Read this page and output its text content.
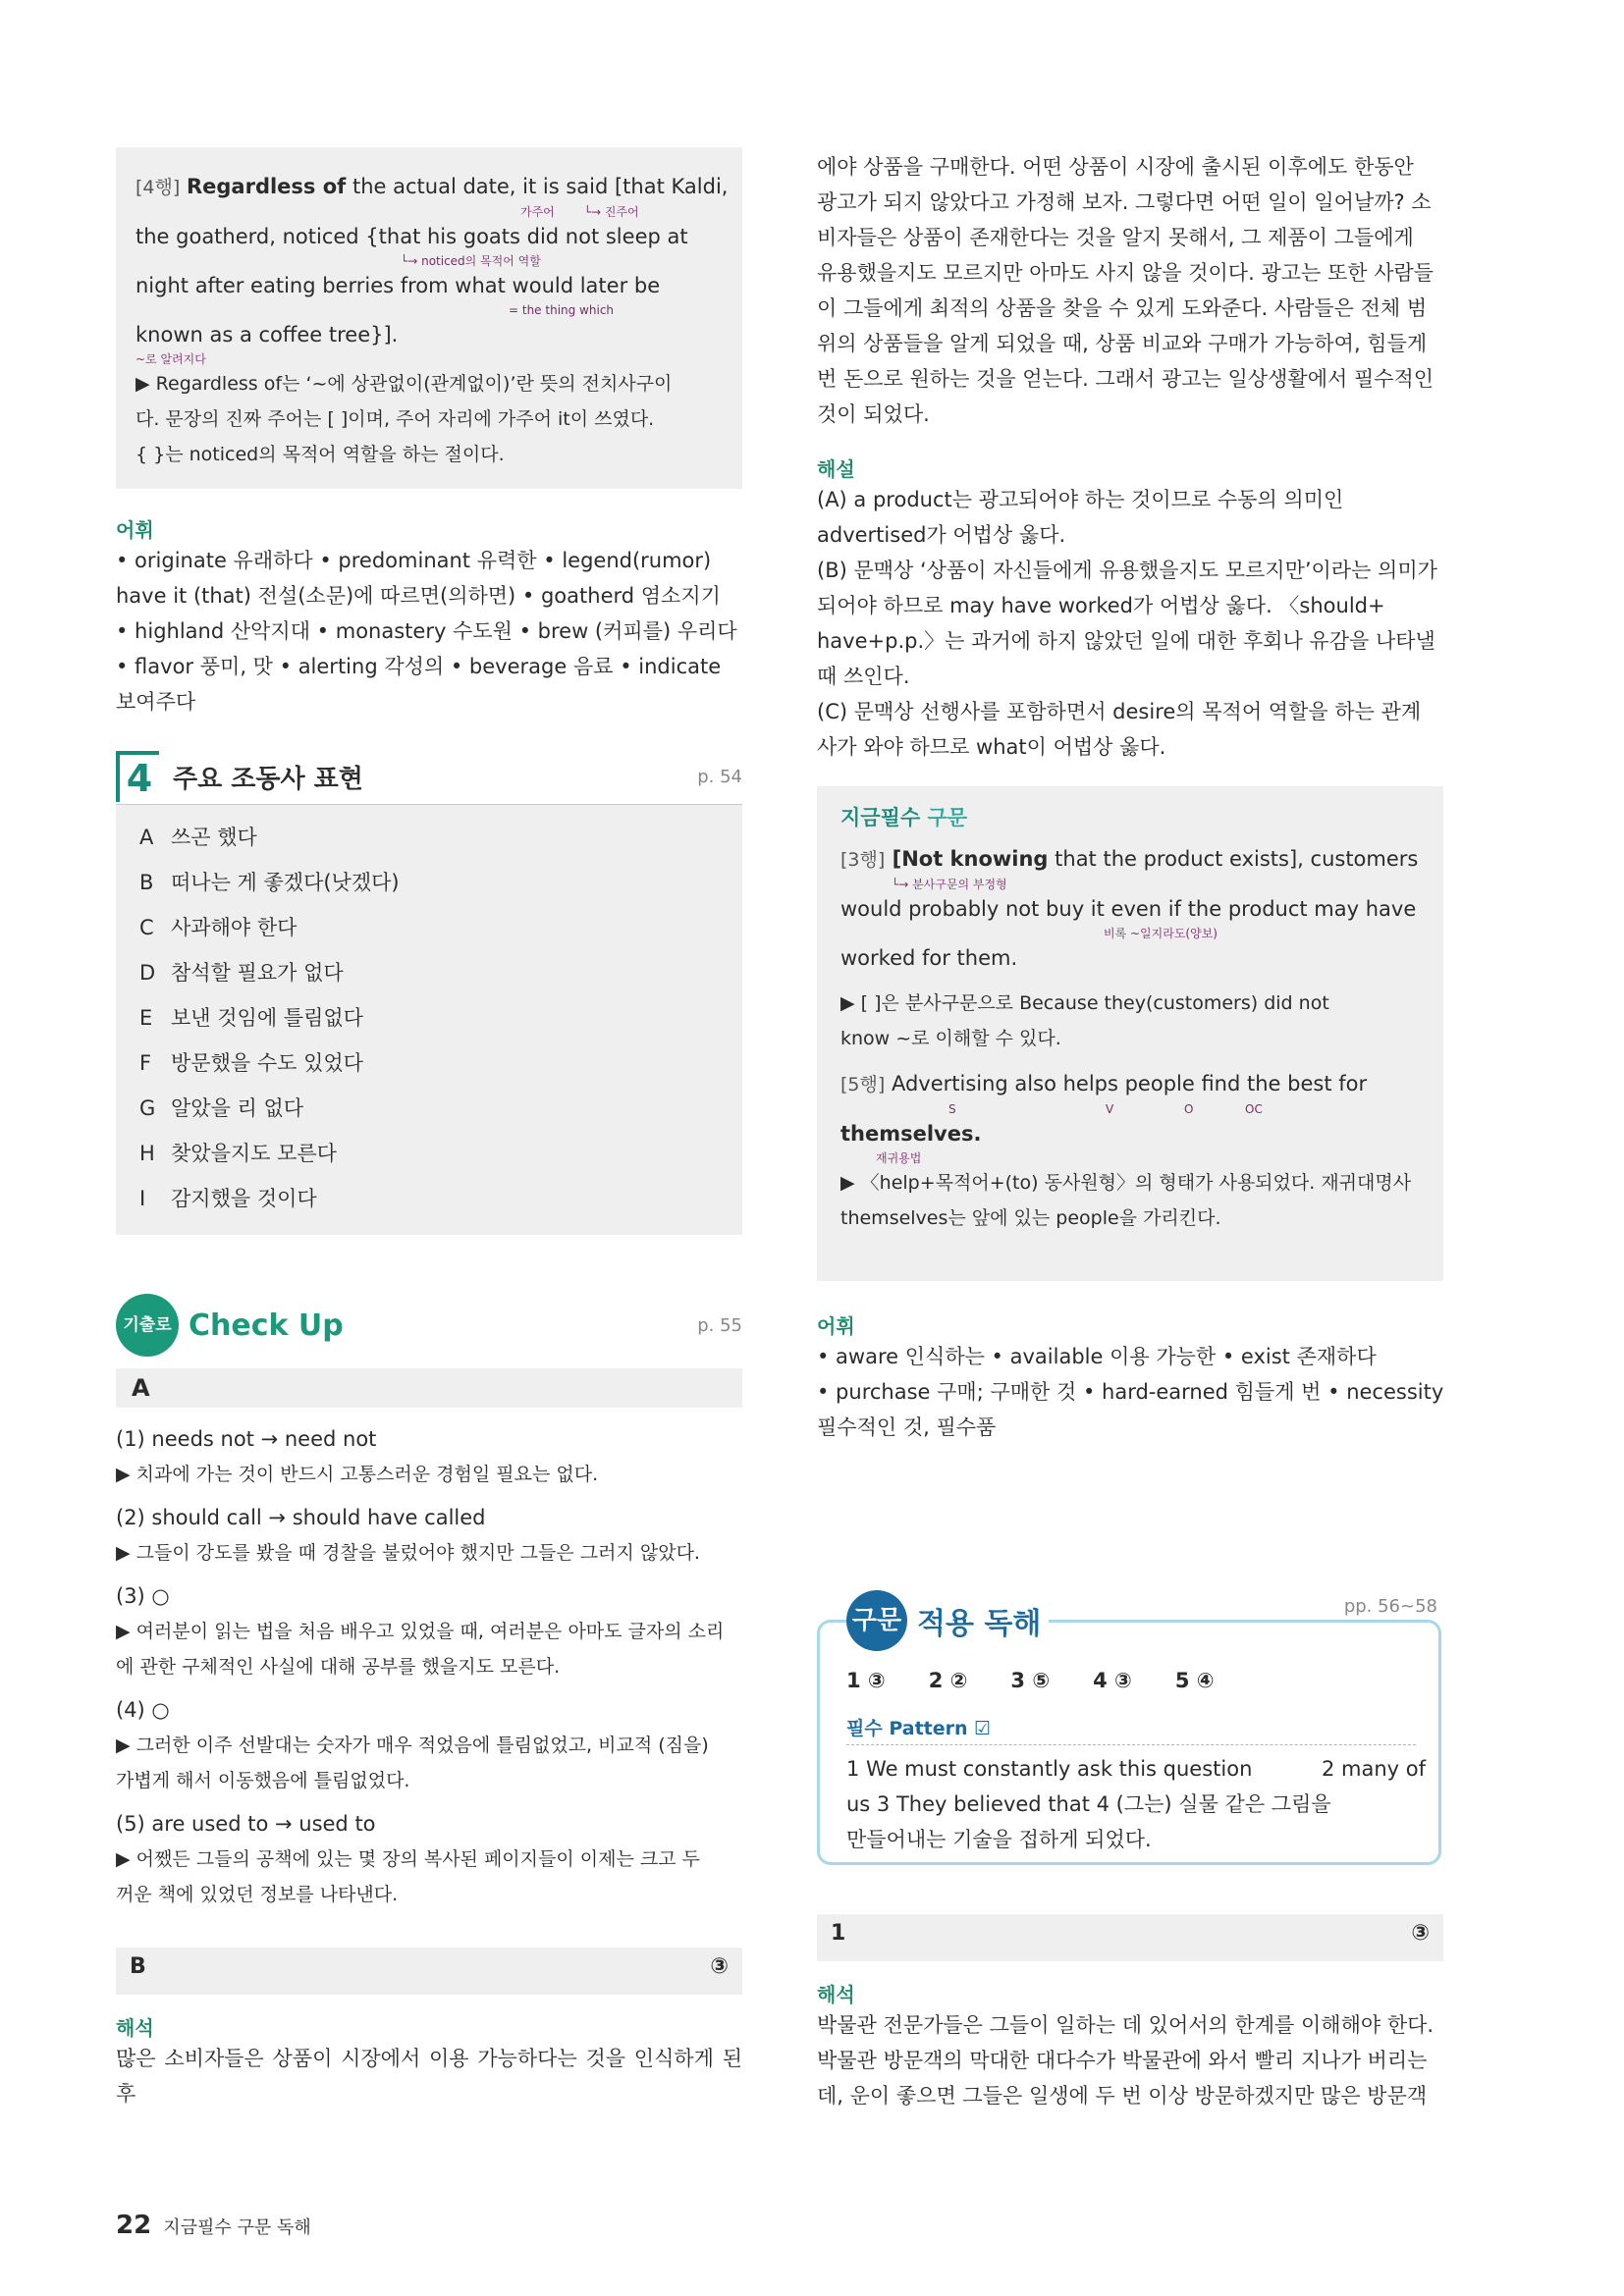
[4행] Regardless of the actual date, it is said [that Kaldi,
가주어	└→ 진주어
the goatherd, noticed {that his goats did not sleep at
└→ noticed의 목적어 역할
night after eating berries from what would later be
= the thing which
known as a coffee tree}].
~로 알려지다
▶ Regardless of는 ‘~에 상관없이(관계없이)’란 뜻의 전치사구이
다. 문장의 진짜 주어는 [ ]이며, 주어 자리에 가주어 it이 쓰였다.
{ }는 noticed의 목적어 역할을 하는 절이다.
어휘
• originate 유래하다 • predominant 유력한 • legend(rumor)
have it (that) 전설(소문)에 따르면(의하면) • goatherd 염소지기
• highland 산악지대 • monastery 수도원 • brew (커피를) 우리다
• flavor 풍미, 맛 • alerting 각성의 • beverage 음료 • indicate
보여주다
4 주요 조동사 표현	p. 54
A 쓰곤 했다
B 떠나는 게 좋겠다(낫겠다)
C 사과해야 한다
D 참석할 필요가 없다
E 보낸 것임에 틀림없다
F 방문했을 수도 있었다
G 알았을 리 없다
H 찾았을지도 모른다
I	감지했을 것이다
기출로 Check Up	p. 55
A
(1) needs not → need not
▶ 치과에 가는 것이 반드시 고통스러운 경험일 필요는 없다.
(2) should call → should have called
▶ 그들이 강도를 봤을 때 경찰을 불렀어야 했지만 그들은 그러지 않았다.
(3) ○
▶ 여러분이 읽는 법을 처음 배우고 있었을 때, 여러분은 아마도 글자의 소리
에 관한 구체적인 사실에 대해 공부를 했을지도 모른다.
(4) ○
▶ 그러한 이주 선발대는 숫자가 매우 적었음에 틀림없었고, 비교적 (짐을)
가볍게 해서 이동했음에 틀림없었다.
(5) are used to → used to
▶ 어쨌든 그들의 공책에 있는 몇 장의 복사된 페이지들이 이제는 크고 두
꺼운 책에 있었던 정보를 나타낸다.
B	③
해석
많은 소비자들은 상품이 시장에서 이용 가능하다는 것을 인식하게 된 후
에야 상품을 구매한다. 어떤 상품이 시장에 출시된 이후에도 한동안
광고가 되지 않았다고 가정해 보자. 그렇다면 어떤 일이 일어날까? 소
비자들은 상품이 존재한다는 것을 알지 못해서, 그 제품이 그들에게
유용했을지도 모르지만 아마도 사지 않을 것이다. 광고는 또한 사람들
이 그들에게 최적의 상품을 찾을 수 있게 도와준다. 사람들은 전체 범
위의 상품들을 알게 되었을 때, 상품 비교와 구매가 가능하여, 힘들게
번 돈으로 원하는 것을 얻는다. 그래서 광고는 일상생활에서 필수적인
것이 되었다.
해설
(A) a product는 광고되어야 하는 것이므로 수동의 의미인
advertised가 어법상 옳다.
(B) 문맥상 ‘상품이 자신들에게 유용했을지도 모르지만’이라는 의미가
되어야 하므로 may have worked가 어법상 옳다. 〈should+
have+p.p.〉는 과거에 하지 않았던 일에 대한 후회나 유감을 나타낼
때 쓰인다.
(C) 문맥상 선행사를 포함하면서 desire의 목적어 역할을 하는 관계
사가 와야 하므로 what이 어법상 옳다.
지금필수 구문
[3행] [Not knowing that the product exists], customers
└→ 분사구문의 부정형
would probably not buy it even if the product may have
비록 ~일지라도(양보)
worked for them.
▶ [ ]은 분사구문으로 Because they(customers) did not
know ~로 이해할 수 있다.
[5행] Advertising also helps people find the best for
S	V	O	OC
themselves.
재귀용법
▶ 〈help+목적어+(to) 동사원형〉의 형태가 사용되었다. 재귀대명사
themselves는 앞에 있는 people을 가리킨다.
어휘
• aware 인식하는 • available 이용 가능한 • exist 존재하다
• purchase 구매; 구매한 것 • hard-earned 힘들게 번 • necessity
필수적인 것, 필수품
구문 적용 독해
pp. 56~58
1 ③ 2 ② 3 ⑤ 4 ③ 5 ④
필수 Pattern ☑
1 We must constantly ask this question	2 many of
us 3 They believed that 4 (그는) 실물 같은 그림을
만들어내는 기술을 접하게 되었다.
1	③
해석
박물관 전문가들은 그들이 일하는 데 있어서의 한계를 이해해야 한다.
박물관 방문객의 막대한 대다수가 박물관에 와서 빨리 지나가 버리는
데, 운이 좋으면 그들은 일생에 두 번 이상 방문하겠지만 많은 방문객
22 지금필수 구문 독해
